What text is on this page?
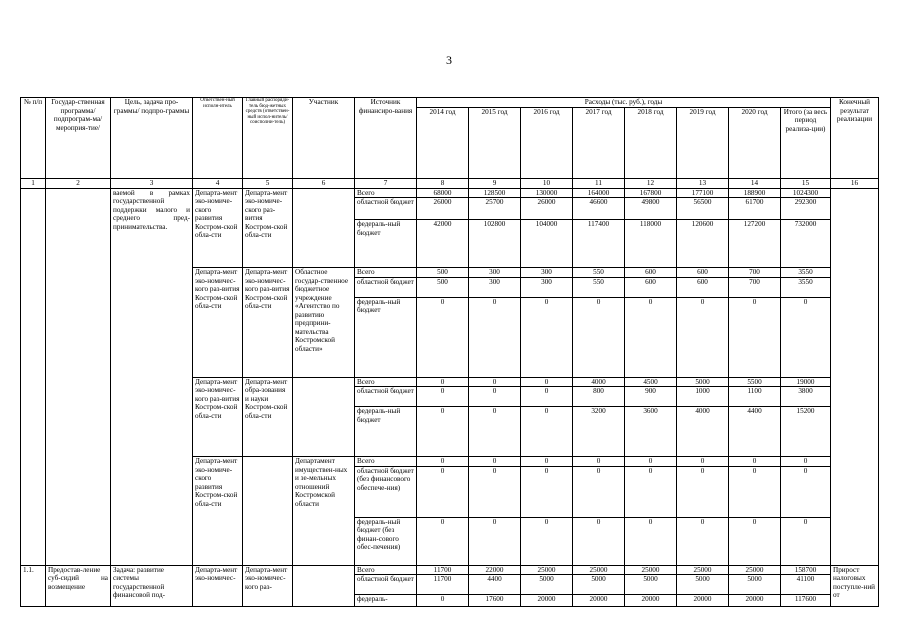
3
№ п/п	Государ-ственная программа/ подпрограм-ма/ мероприя-тие/	Цель, задача про-граммы/ подпро-граммы	Ответствен-ный исполн-итель	Главный распоряди-тель бюд-жетных средств (ответствен-ный испол-нитель/ соисполни-тель)	Участник	Источник финансиро-вания	Расходы (тыс. руб.), годы								Конечный результат реализации
							2014 год	2015 год	2016 год	2017 год	2018 год	2019 год	2020 год	Итого (за весь период реализа-ции)	
1	2	3	4	5	6	7	8	9	10	11	12	13	14	15	16
		ваемой в рамках государственной поддержки малого и среднего пред-принимательства.	Департа-мент эко-номиче-ского развития Костром-ской обла-сти	Департа-мент эко-номиче-ского раз-вития Костром-ской обла-сти		Всего	68000	128500	130000	164000	167800	177100	188900	1024300	
						областной бюджет	26000	25700	26000	46600	49800	56500	61700	292300	
						федераль-ный бюджет	42000	102800	104000	117400	118000	120600	127200	732000	
			Департа-мент эко-номичес-кого раз-вития Костром-ской обла-сти	Департа-мент эко-номичес-кого раз-вития Костром-ской обла-сти	Областное государ-ственное бюджетное учреждение «Агентство по развитию предприни-мательства Костромской области»	Всего	500	300	300	550	600	600	700	3550	
						областной бюджет	500	300	300	550	600	600	700	3550	
						федераль-ный бюджет	0	0	0	0	0	0	0	0	
			Департа-мент эко-номичес-кого раз-вития Костром-ской обла-сти	Департа-мент обра-зования и науки Костром-ской обла-сти		Всего	0	0	0	4000	4500	5000	5500	19000	
						областной бюджет	0	0	0	800	900	1000	1100	3800	
						федераль-ный бюджет	0	0	0	3200	3600	4000	4400	15200	
			Департа-мент эко-номиче-ского развития Костром-ской обла-сти		Департамент имуществен-ных и зе-мельных отношений Костромской области	Всего	0	0	0	0	0	0	0	0	
						областной бюджет (без финансового обеспече-ния)	0	0	0	0	0	0	0	0	
						федераль-ный бюджет (без финан-сового обес-печения)	0	0	0	0	0	0	0	0	
1.1.	Предостав-ление суб-сидий на возмещение	Задача: развитие системы государственной финансовой под-	Департа-мент эко-номичес-	Департа-мент эко-номичес-кого раз-		Всего	11700	22000	25000	25000	25000	25000	25000	158700	Прирост налоговых поступле-ний от
						областной бюджет	11700	4400	5000	5000	5000	5000	5000	41100	
						федераль-	0	17600	20000	20000	20000	20000	20000	117600	
